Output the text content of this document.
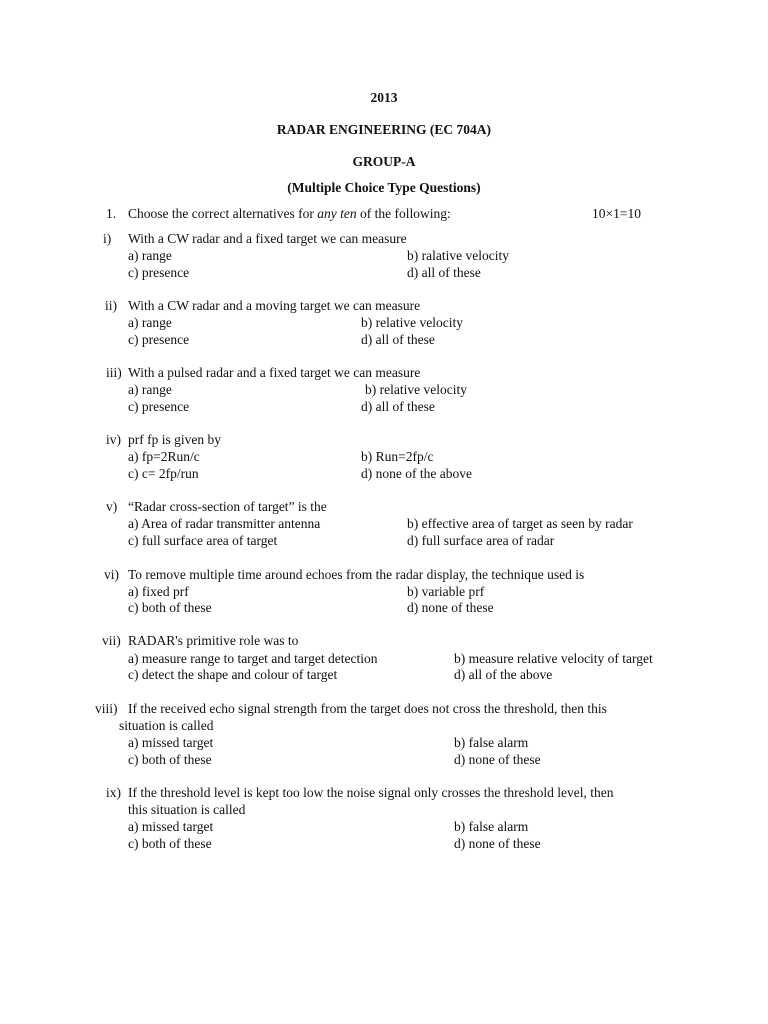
2013
RADAR ENGINEERING (EC 704A)
GROUP-A
(Multiple Choice Type Questions)
1. Choose the correct alternatives for any ten of the following:	10×1=10
i) With a CW radar and a fixed target we can measure
a) range	b) ralative velocity
c) presence	d) all of these
ii) With a CW radar and a moving target we can measure
a) range	b) relative velocity
c) presence	d) all of these
iii) With a pulsed radar and a fixed target we can measure
a) range	b) relative velocity
c) presence	d) all of these
iv) prf fp is given by
a) fp=2Run/c	b) Run=2fp/c
c) c= 2fp/run	d) none of the above
v) “Radar cross-section of target” is the
a) Area of radar transmitter antenna	b) effective area of target as seen by radar
c) full surface area of target	d) full surface area of radar
vi) To remove multiple time around echoes from the radar display, the technique used is
a) fixed prf	b) variable prf
c) both of these	d) none of these
vii) RADAR's primitive role was to
a) measure range to target and target detection	b) measure relative velocity of target
c) detect the shape and colour of target	d) all of the above
viii) If the received echo signal strength from the target does not cross the threshold, then this
situation is called
a) missed target	b) false alarm
c) both of these	d) none of these
ix) If the threshold level is kept too low the noise signal only crosses the threshold level, then
this situation is called
a) missed target	b) false alarm
c) both of these	d) none of these
